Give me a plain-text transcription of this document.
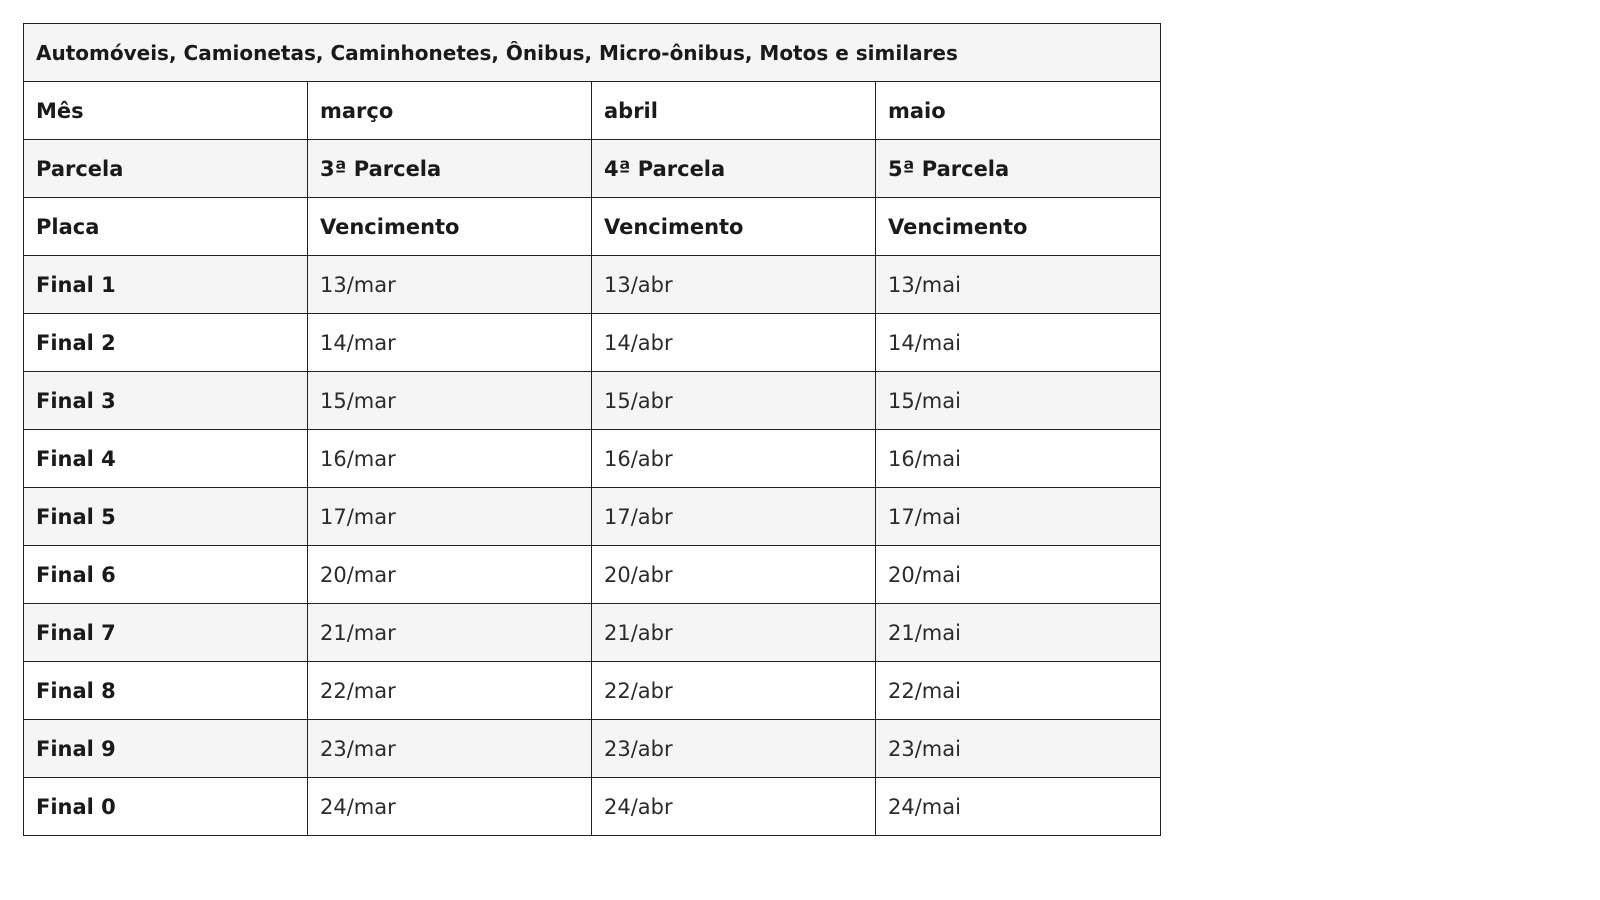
Automóveis, Camionetas, Caminhonetes, Ônibus, Micro-ônibus, Motos e similares			
Mês	março	abril	maio
Parcela	3ª Parcela	4ª Parcela	5ª Parcela
Placa	Vencimento	Vencimento	Vencimento
Final 1	13/mar	13/abr	13/mai
Final 2	14/mar	14/abr	14/mai
Final 3	15/mar	15/abr	15/mai
Final 4	16/mar	16/abr	16/mai
Final 5	17/mar	17/abr	17/mai
Final 6	20/mar	20/abr	20/mai
Final 7	21/mar	21/abr	21/mai
Final 8	22/mar	22/abr	22/mai
Final 9	23/mar	23/abr	23/mai
Final 0	24/mar	24/abr	24/mai
